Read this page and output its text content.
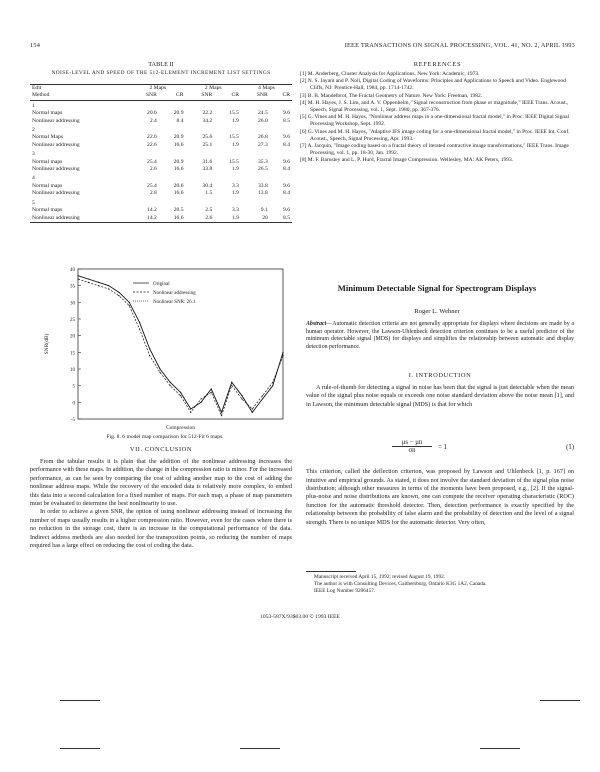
154	IEEE TRANSACTIONS ON SIGNAL PROCESSING, VOL. 41, NO. 2, APRIL 1993
TABLE II
NOISE-LEVEL AND SPEED OF THE 512-ELEMENT INCREMENT LIST SETTINGS
Edit	2 Maps		2 Maps		4 Maps	
Method	SNR	CR	SNR	CR	SNR	CR
1						
Normal maps	20.6	20.9	22.2	15.5	24.5	9.6
Nonlinear addressing	2.4	8.4	34.2	1.9	26.0	8.5
2						
Normal Maps	22.6	20.9	25.6	15.5	26.8	9.6
Nonlinear addressing	22.6	16.6	25.1	1.9	27.3	8.4
3						
Normal maps	25.4	20.9	31.6	15.5	35.3	9.6
Nonlinear addressing	2.6	16.6	33.8	1.9	26.5	8.4
4						
Normal maps	25.4	20.6	30.4	3.3	33.8	9.6
Nonlinear addressing	2.8	16.6	1.5	1.9	13.8	8.4
5						
Normal maps	14.2	20.5	2.5	3.3	9.1	9.6
Nonlinear addressing	14.2	16.6	2.6	1.9	20	8.5
REFERENCES
[1] M. Anderberg, Cluster Analysis for Applications. New York: Academic, 1973.
[2] N. S. Jayant and P. Noll, Digital Coding of Waveforms: Principles and Applications to Speech and Video. Englewood Cliffs, NJ: Prentice-Hall, 1984, pp. 1714-1742.
[3] B. B. Mandelbrot, The Fractal Geometry of Nature. New York: Freeman, 1982.
[4] M. H. Hayes, J. S. Lim, and A. V. Oppenheim, "Signal reconstruction from phase or magnitude," IEEE Trans. Acoust., Speech, Signal Processing, vol. 1, Sept. 1980, pp. 367-376.
[5] G. Vines and M. H. Hayes, "Nonlinear address maps in a one-dimensional fractal model," in Proc. IEEE Digital Signal Processing Workshop, Sept. 1992.
[6] G. Vines and M. H. Hayes, "Adaptive IFS image coding for a one-dimensional fractal model," in Proc. IEEE Int. Conf. Acoust., Speech, Signal Processing, Apr. 1993.
[7] A. Jacquin, "Image coding based on a fractal theory of iterated contractive image transformations," IEEE Trans. Image Processing, vol. 1, pp. 18-30, Jan. 1992.
[8] M. F. Barnsley and L. P. Hurd, Fractal Image Compression. Wellesley, MA: AK Peters, 1993.
40
35
30
25
20
15
10
5
0
-5
SNR(dB)
Compression
Original
Nonlinear addressing
Nonlinear SNR: 26.1
Fig. 8. 6 model map comparison for 512-Fit 6 maps.
VII. CONCLUSION

From the tabular results it is plain that the addition of the nonlinear addressing increases the performance with these maps. In addition, the change in the compression ratio is minor. For the increased performance, as can be seen by comparing the cost of adding another map to the cost of adding the nonlinear address maps. While the recovery of the encoded data is relatively more complex, to embed this data into a second calculation for a fixed number of maps. For each map, a phase of map parameters must be evaluated to determine the best nonlinearity to use.

In order to achieve a given SNR, the option of using nonlinear addressing instead of increasing the number of maps usually results in a higher compression ratio. However, even for the cases where there is no reduction in the storage cost, there is an increase in the computational performance of the data. Indirect address methods are also needed for the transposition points, so reducing the number of maps required has a large effect on reducing the cost of coding the data.

Minimum Detectable Signal for Spectrogram Displays
Roger L. Wehner
Abstract—Automatic detection criteria are not generally appropriate for displays where decisions are made by a human operator. However, the Lawson-Uhlenbeck detection criterion continues to be a useful predictor of the minimum detectable signal (MDS) for displays and simplifies the relationship between automatic and display detection performance.
I. INTRODUCTION

A rule-of-thumb for detecting a signal in noise has been that the signal is just detectable when the mean value of the signal plus noise equals or exceeds one noise standard deviation above the noise mean [1], and in Lawson, the minimum detectable signal (MDS) is that for which

$\frac{\mu s - \mu n}{\sigma n} = 1$	(1)

This criterion, called the deflection criterion, was proposed by Lawson and Uhlenbeck [1, p. 167] on intuitive and empirical grounds. As stated, it does not involve the standard deviation of the signal plus noise distribution; although other measures in terms of the moments have been proposed, e.g., [2]. If the signal-plus-noise and noise distributions are known, one can compute the receiver operating characteristic (ROC) function for the automatic threshold detector. Then, detection performance is exactly specified by the relationship between the probability of false alarm and the probability of detection and the level of a signal strength. There is no unique MDS for the automatic detector. Very often,

Manuscript received April 15, 1992; revised August 19, 1992.

The author is with Consulting Devices, Gaithersburg, Ontario K3G 1A2, Canada.

IEEE Log Number 9206457.

1053-587X/93$03.00 © 1993 IEEE
